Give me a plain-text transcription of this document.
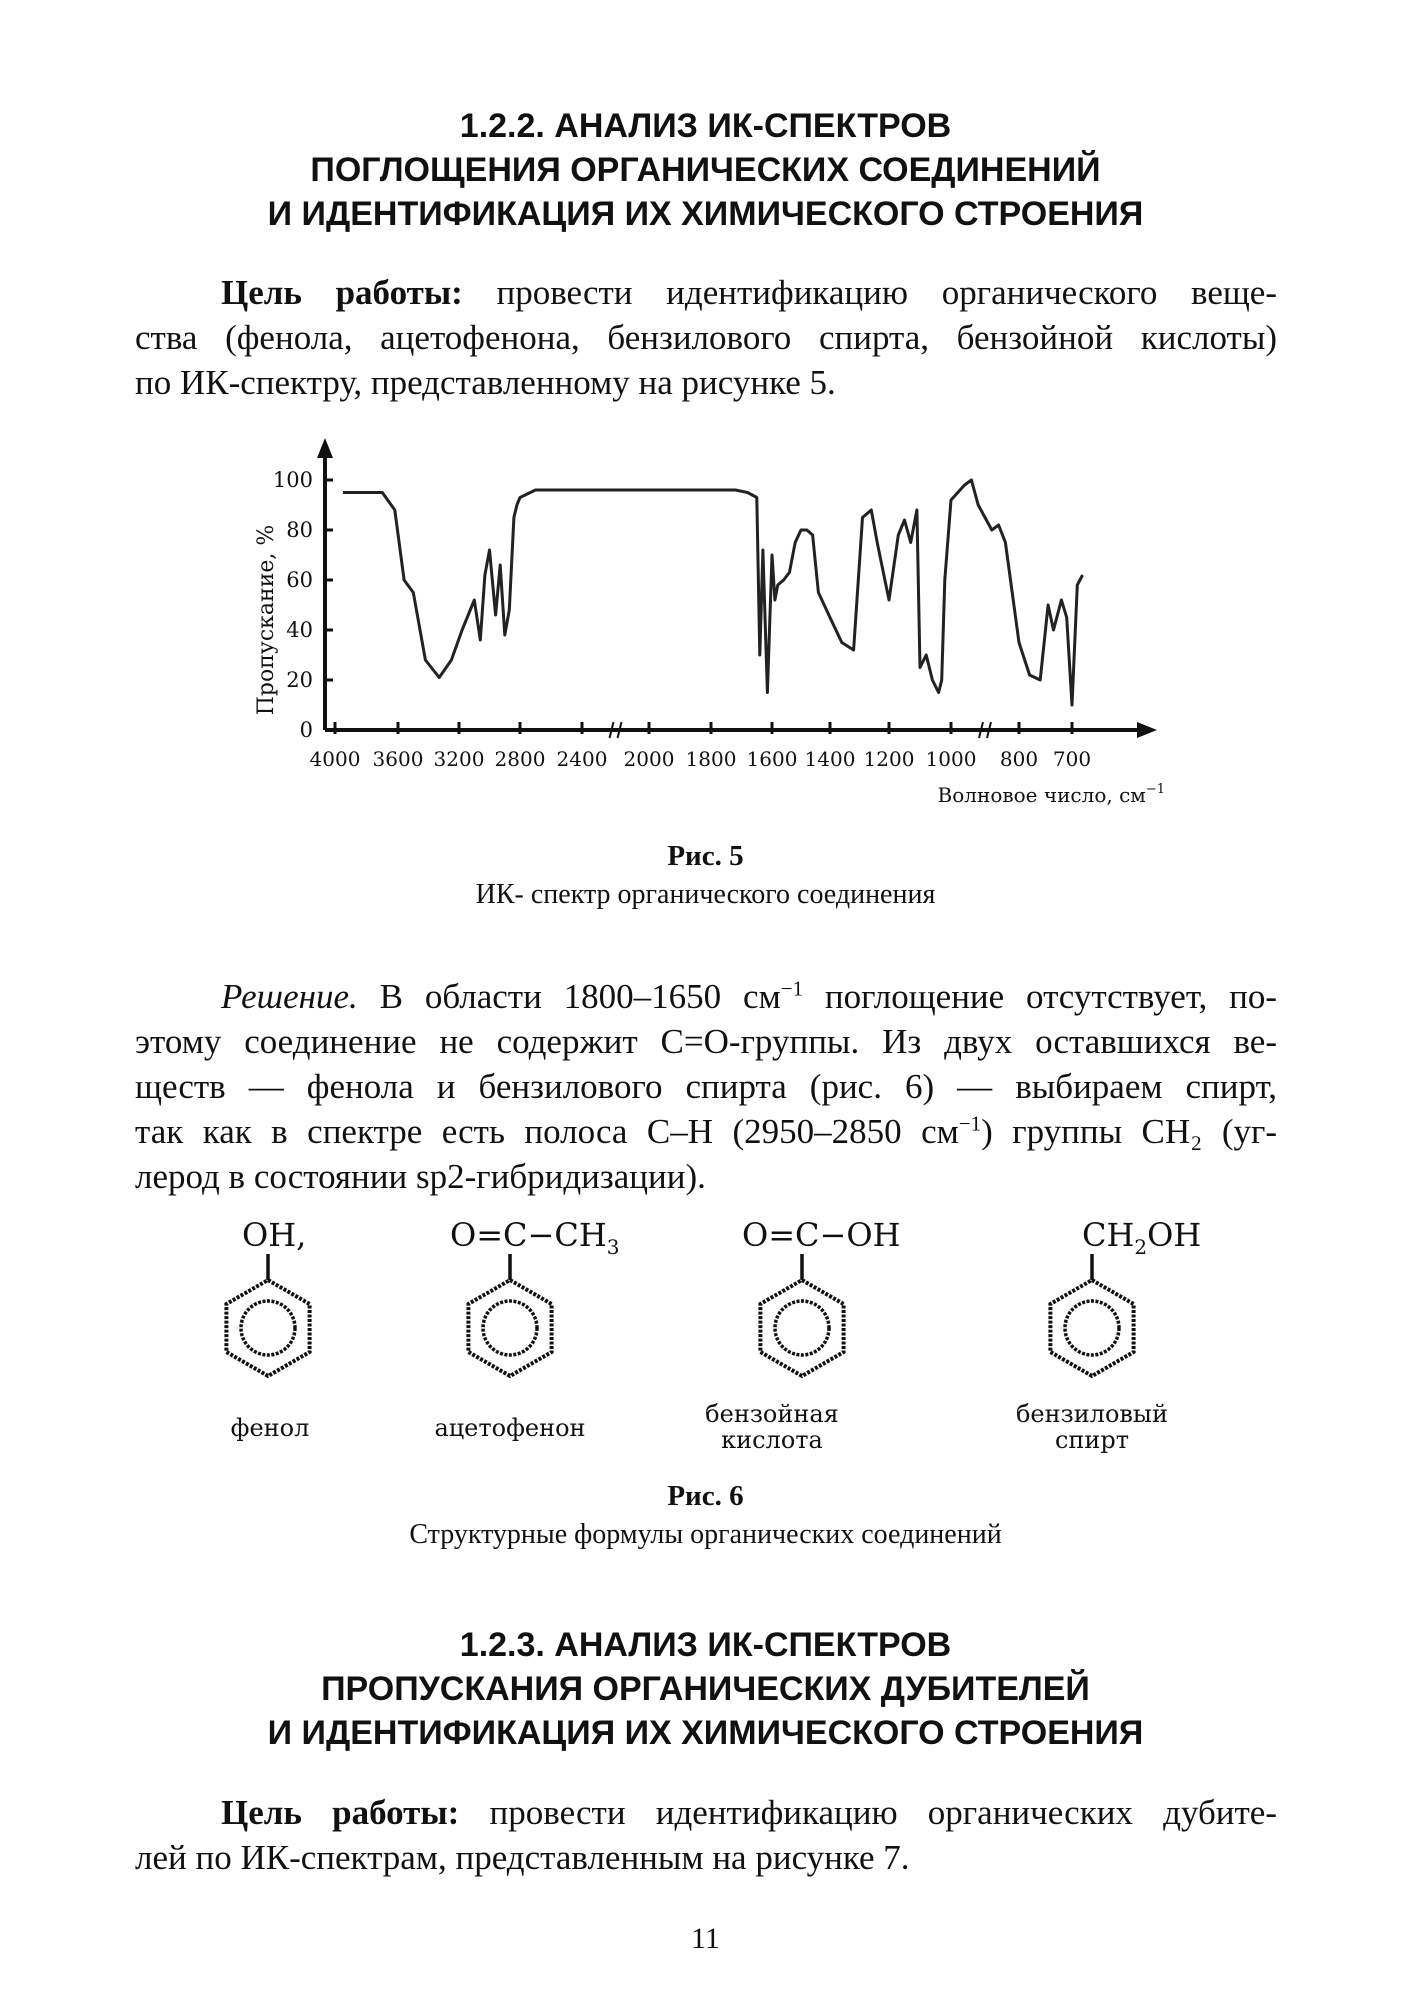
1.2.2. АНАЛИЗ ИК-СПЕКТРОВ
ПОГЛОЩЕНИЯ ОРГАНИЧЕСКИХ СОЕДИНЕНИЙ
И ИДЕНТИФИКАЦИЯ ИХ ХИМИЧЕСКОГО СТРОЕНИЯ
Цель работы: провести идентификацию органического веще-
ства (фенола, ацетофенона, бензилового спирта, бензойной кислоты)
по ИК-спектру, представленному на рисунке 5.
100
80
60
40
20
0
4000 3600 3200 2800 2400 2000 1800 1600 1400 1200 1000 800 700
Пропускание, %
Волновое число, $см^{-1}$
Рис. 5
ИК- спектр органического соединения
Решение. В области 1800–1650 $см^{-1}$ поглощение отсутствует, по-
этому соединение не содержит С=О-группы. Из двух оставшихся ве-
ществ — фенола и бензилового спирта (рис. 6) — выбираем спирт,
так как в спектре есть полоса С–Н (2950–2850 $см^{-1}$) группы СН₂ (уг-
лерод в состоянии sp2-гибридизации).
OH,
фенол
$O=C-CH_3$
ацетофенон
O=C−OH
бензойная
кислота
$CH_2OH$
бензиловый
спирт
Рис. 6
Структурные формулы органических соединений
1.2.3. АНАЛИЗ ИК-СПЕКТРОВ
ПРОПУСКАНИЯ ОРГАНИЧЕСКИХ ДУБИТЕЛЕЙ
И ИДЕНТИФИКАЦИЯ ИХ ХИМИЧЕСКОГО СТРОЕНИЯ
Цель работы: провести идентификацию органических дубите-
лей по ИК-спектрам, представленным на рисунке 7.
11
